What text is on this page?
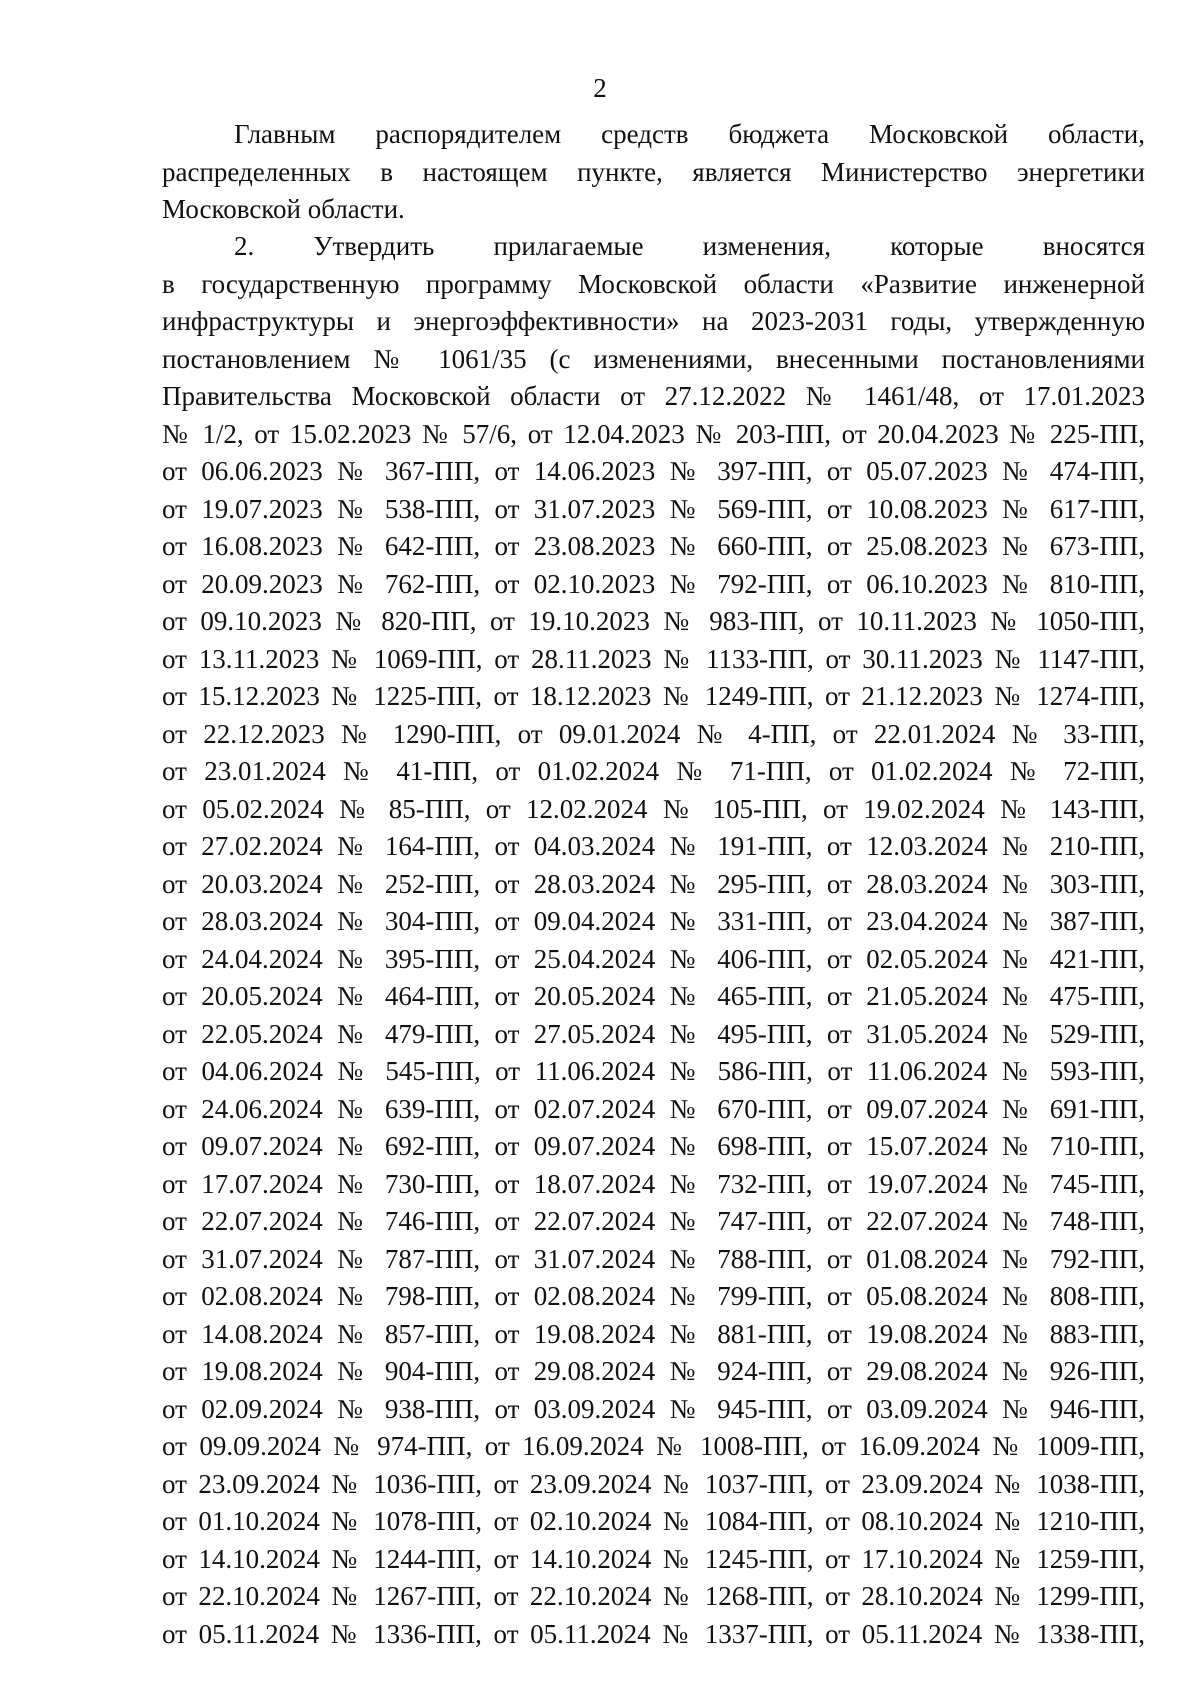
2
Главным распорядителем средств бюджета Московской области,
распределенных в настоящем пункте, является Министерство энергетики
Московской области.
2. Утвердить прилагаемые изменения, которые вносятся
в государственную программу Московской области «Развитие инженерной
инфраструктуры и энергоэффективности» на 2023-2031 годы, утвержденную
постановлением № 1061/35 (с изменениями, внесенными постановлениями
Правительства Московской области от 27.12.2022 № 1461/48, от 17.01.2023
№ 1/2, от 15.02.2023 № 57/6, от 12.04.2023 № 203-ПП, от 20.04.2023 № 225-ПП,
от 06.06.2023 № 367-ПП, от 14.06.2023 № 397-ПП, от 05.07.2023 № 474-ПП,
от 19.07.2023 № 538-ПП, от 31.07.2023 № 569-ПП, от 10.08.2023 № 617-ПП,
от 16.08.2023 № 642-ПП, от 23.08.2023 № 660-ПП, от 25.08.2023 № 673-ПП,
от 20.09.2023 № 762-ПП, от 02.10.2023 № 792-ПП, от 06.10.2023 № 810-ПП,
от 09.10.2023 № 820-ПП, от 19.10.2023 № 983-ПП, от 10.11.2023 № 1050-ПП,
от 13.11.2023 № 1069-ПП, от 28.11.2023 № 1133-ПП, от 30.11.2023 № 1147-ПП,
от 15.12.2023 № 1225-ПП, от 18.12.2023 № 1249-ПП, от 21.12.2023 № 1274-ПП,
от 22.12.2023 № 1290-ПП, от 09.01.2024 № 4-ПП, от 22.01.2024 № 33-ПП,
от 23.01.2024 № 41-ПП, от 01.02.2024 № 71-ПП, от 01.02.2024 № 72-ПП,
от 05.02.2024 № 85-ПП, от 12.02.2024 № 105-ПП, от 19.02.2024 № 143-ПП,
от 27.02.2024 № 164-ПП, от 04.03.2024 № 191-ПП, от 12.03.2024 № 210-ПП,
от 20.03.2024 № 252-ПП, от 28.03.2024 № 295-ПП, от 28.03.2024 № 303-ПП,
от 28.03.2024 № 304-ПП, от 09.04.2024 № 331-ПП, от 23.04.2024 № 387-ПП,
от 24.04.2024 № 395-ПП, от 25.04.2024 № 406-ПП, от 02.05.2024 № 421-ПП,
от 20.05.2024 № 464-ПП, от 20.05.2024 № 465-ПП, от 21.05.2024 № 475-ПП,
от 22.05.2024 № 479-ПП, от 27.05.2024 № 495-ПП, от 31.05.2024 № 529-ПП,
от 04.06.2024 № 545-ПП, от 11.06.2024 № 586-ПП, от 11.06.2024 № 593-ПП,
от 24.06.2024 № 639-ПП, от 02.07.2024 № 670-ПП, от 09.07.2024 № 691-ПП,
от 09.07.2024 № 692-ПП, от 09.07.2024 № 698-ПП, от 15.07.2024 № 710-ПП,
от 17.07.2024 № 730-ПП, от 18.07.2024 № 732-ПП, от 19.07.2024 № 745-ПП,
от 22.07.2024 № 746-ПП, от 22.07.2024 № 747-ПП, от 22.07.2024 № 748-ПП,
от 31.07.2024 № 787-ПП, от 31.07.2024 № 788-ПП, от 01.08.2024 № 792-ПП,
от 02.08.2024 № 798-ПП, от 02.08.2024 № 799-ПП, от 05.08.2024 № 808-ПП,
от 14.08.2024 № 857-ПП, от 19.08.2024 № 881-ПП, от 19.08.2024 № 883-ПП,
от 19.08.2024 № 904-ПП, от 29.08.2024 № 924-ПП, от 29.08.2024 № 926-ПП,
от 02.09.2024 № 938-ПП, от 03.09.2024 № 945-ПП, от 03.09.2024 № 946-ПП,
от 09.09.2024 № 974-ПП, от 16.09.2024 № 1008-ПП, от 16.09.2024 № 1009-ПП,
от 23.09.2024 № 1036-ПП, от 23.09.2024 № 1037-ПП, от 23.09.2024 № 1038-ПП,
от 01.10.2024 № 1078-ПП, от 02.10.2024 № 1084-ПП, от 08.10.2024 № 1210-ПП,
от 14.10.2024 № 1244-ПП, от 14.10.2024 № 1245-ПП, от 17.10.2024 № 1259-ПП,
от 22.10.2024 № 1267-ПП, от 22.10.2024 № 1268-ПП, от 28.10.2024 № 1299-ПП,
от 05.11.2024 № 1336-ПП, от 05.11.2024 № 1337-ПП, от 05.11.2024 № 1338-ПП,
